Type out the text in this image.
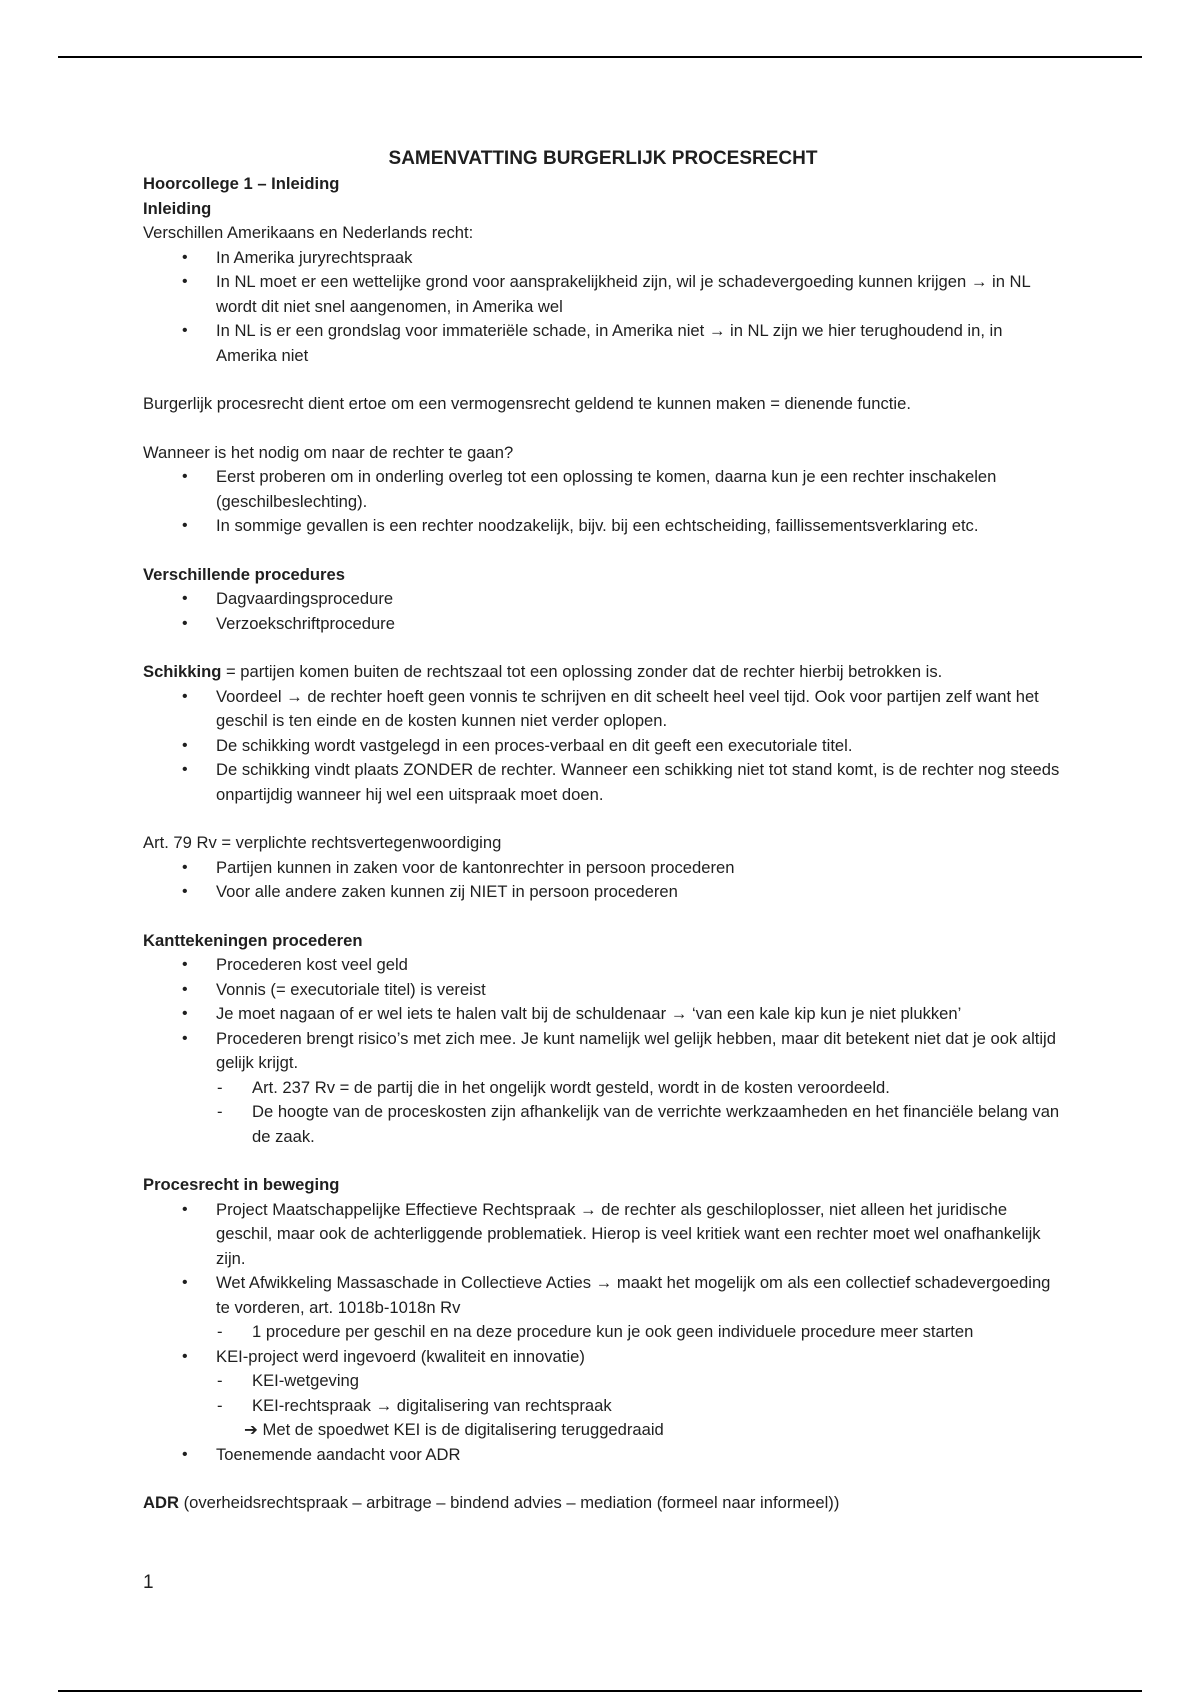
SAMENVATTING BURGERLIJK PROCESRECHT

Hoorcollege 1 – Inleiding

Inleiding

Verschillen Amerikaans en Nederlands recht:

• In Amerika juryrechtspraak
• In NL moet er een wettelijke grond voor aansprakelijkheid zijn, wil je schadevergoeding kunnen krijgen → in NL wordt dit niet snel aangenomen, in Amerika wel
• In NL is er een grondslag voor immateriële schade, in Amerika niet → in NL zijn we hier terughoudend in, in Amerika niet

Burgerlijk procesrecht dient ertoe om een vermogensrecht geldend te kunnen maken = dienende functie.

Wanneer is het nodig om naar de rechter te gaan?

• Eerst proberen om in onderling overleg tot een oplossing te komen, daarna kun je een rechter inschakelen (geschilbeslechting).
• In sommige gevallen is een rechter noodzakelijk, bijv. bij een echtscheiding, faillissementsverklaring etc.

Verschillende procedures

• Dagvaardingsprocedure
• Verzoekschriftprocedure

Schikking = partijen komen buiten de rechtszaal tot een oplossing zonder dat de rechter hierbij betrokken is.

• Voordeel → de rechter hoeft geen vonnis te schrijven en dit scheelt heel veel tijd. Ook voor partijen zelf want het geschil is ten einde en de kosten kunnen niet verder oplopen.
• De schikking wordt vastgelegd in een proces-verbaal en dit geeft een executoriale titel.
• De schikking vindt plaats ZONDER de rechter. Wanneer een schikking niet tot stand komt, is de rechter nog steeds onpartijdig wanneer hij wel een uitspraak moet doen.

Art. 79 Rv = verplichte rechtsvertegenwoordiging

• Partijen kunnen in zaken voor de kantonrechter in persoon procederen
• Voor alle andere zaken kunnen zij NIET in persoon procederen

Kanttekeningen procederen

• Procederen kost veel geld
• Vonnis (= executoriale titel) is vereist
• Je moet nagaan of er wel iets te halen valt bij de schuldenaar → ‘van een kale kip kun je niet plukken’
• Procederen brengt risico’s met zich mee. Je kunt namelijk wel gelijk hebben, maar dit betekent niet dat je ook altijd gelijk krijgt.
- Art. 237 Rv = de partij die in het ongelijk wordt gesteld, wordt in de kosten veroordeeld.
- De hoogte van de proceskosten zijn afhankelijk van de verrichte werkzaamheden en het financiële belang van de zaak.

Procesrecht in beweging

• Project Maatschappelijke Effectieve Rechtspraak → de rechter als geschiloplosser, niet alleen het juridische geschil, maar ook de achterliggende problematiek. Hierop is veel kritiek want een rechter moet wel onafhankelijk zijn.
• Wet Afwikkeling Massaschade in Collectieve Acties → maakt het mogelijk om als een collectief schadevergoeding te vorderen, art. 1018b-1018n Rv
- 1 procedure per geschil en na deze procedure kun je ook geen individuele procedure meer starten
• KEI-project werd ingevoerd (kwaliteit en innovatie)
- KEI-wetgeving
- KEI-rechtspraak → digitalisering van rechtspraak
➔ Met de spoedwet KEI is de digitalisering teruggedraaid
• Toenemende aandacht voor ADR

ADR (overheidsrechtspraak – arbitrage – bindend advies – mediation (formeel naar informeel))

1
